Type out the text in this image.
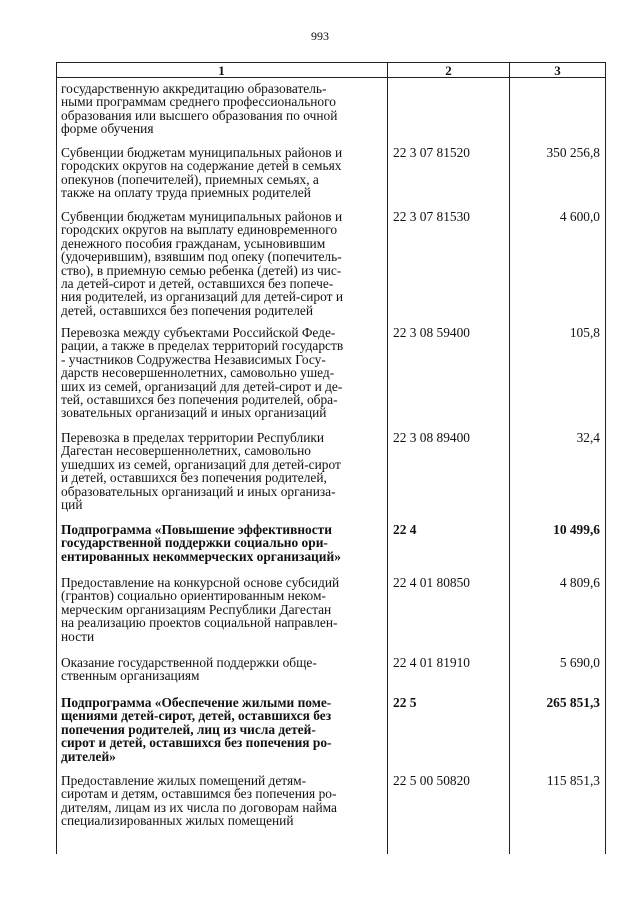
993
1	2	3
государственную аккредитацию образователь-
ными программам среднего профессионального
образования или высшего образования по очной
форме обучения
Субвенции бюджетам муниципальных районов и
городских округов на содержание детей в семьях
опекунов (попечителей), приемных семьях, а
также на оплату труда приемных родителей
22 3 07 81520	350 256,8
Субвенции бюджетам муниципальных районов и
городских округов на выплату единовременного
денежного пособия гражданам, усыновившим
(удочерившим), взявшим под опеку (попечитель-
ство), в приемную семью ребенка (детей) из чис-
ла детей-сирот и детей, оставшихся без попече-
ния родителей, из организаций для детей-сирот и
детей, оставшихся без попечения родителей
22 3 07 81530	4 600,0
Перевозка между субъектами Российской Феде-
рации, а также в пределах территорий государств
- участников Содружества Независимых Госу-
дарств несовершеннолетних, самовольно ушед-
ших из семей, организаций для детей-сирот и де-
тей, оставшихся без попечения родителей, обра-
зовательных организаций и иных организаций
22 3 08 59400	105,8
Перевозка в пределах территории Республики
Дагестан несовершеннолетних, самовольно
ушедших из семей, организаций для детей-сирот
и детей, оставшихся без попечения родителей,
образовательных организаций и иных организа-
ций
22 3 08 89400	32,4
Подпрограмма «Повышение эффективности
государственной поддержки социально ори-
ентированных некоммерческих организаций»
22 4	10 499,6
Предоставление на конкурсной основе субсидий
(грантов) социально ориентированным неком-
мерческим организациям Республики Дагестан
на реализацию проектов социальной направлен-
ности
22 4 01 80850	4 809,6
Оказание государственной поддержки обще-
ственным организациям
22 4 01 81910	5 690,0
Подпрограмма «Обеспечение жилыми поме-
щениями детей-сирот, детей, оставшихся без
попечения родителей, лиц из числа детей-
сирот и детей, оставшихся без попечения ро-
дителей»
22 5	265 851,3
Предоставление жилых помещений детям-
сиротам и детям, оставшимся без попечения ро-
дителям, лицам из их числа по договорам найма
специализированных жилых помещений
22 5 00 50820	115 851,3
